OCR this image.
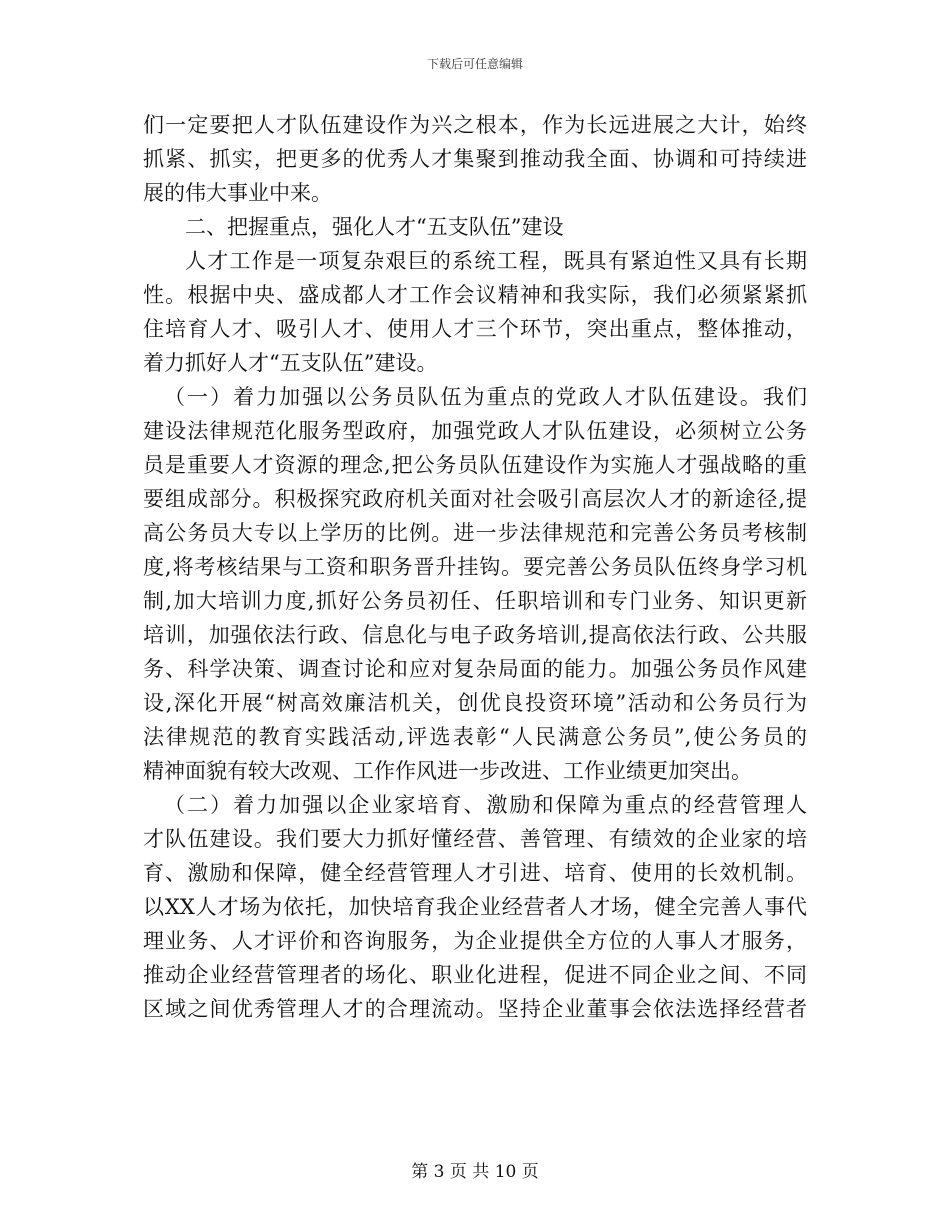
下载后可任意编辑
们一定要把人才队伍建设作为兴之根本，作为长远进展之大计，始终
抓紧、抓实，把更多的优秀人才集聚到推动我全面、协调和可持续进
展的伟大事业中来。
二、把握重点，强化人才“五支队伍”建设
人才工作是一项复杂艰巨的系统工程，既具有紧迫性又具有长期
性。根据中央、盛成都人才工作会议精神和我实际，我们必须紧紧抓
住培育人才、吸引人才、使用人才三个环节，突出重点，整体推动，
着力抓好人才“五支队伍”建设。
（一）着力加强以公务员队伍为重点的党政人才队伍建设。我们
建设法律规范化服务型政府，加强党政人才队伍建设，必须树立公务
员是重要人才资源的理念,把公务员队伍建设作为实施人才强战略的重
要组成部分。积极探究政府机关面对社会吸引高层次人才的新途径,提
高公务员大专以上学历的比例。进一步法律规范和完善公务员考核制
度,将考核结果与工资和职务晋升挂钩。要完善公务员队伍终身学习机
制,加大培训力度,抓好公务员初任、任职培训和专门业务、知识更新
培训，加强依法行政、信息化与电子政务培训,提高依法行政、公共服
务、科学决策、调查讨论和应对复杂局面的能力。加强公务员作风建
设,深化开展“树高效廉洁机关，创优良投资环境”活动和公务员行为
法律规范的教育实践活动,评选表彰“人民满意公务员”,使公务员的
精神面貌有较大改观、工作作风进一步改进、工作业绩更加突出。
（二）着力加强以企业家培育、激励和保障为重点的经营管理人
才队伍建设。我们要大力抓好懂经营、善管理、有绩效的企业家的培
育、激励和保障，健全经营管理人才引进、培育、使用的长效机制。
以XX人才场为依托，加快培育我企业经营者人才场，健全完善人事代
理业务、人才评价和咨询服务，为企业提供全方位的人事人才服务，
推动企业经营管理者的场化、职业化进程，促进不同企业之间、不同
区域之间优秀管理人才的合理流动。坚持企业董事会依法选择经营者
第 3 页 共 10 页
